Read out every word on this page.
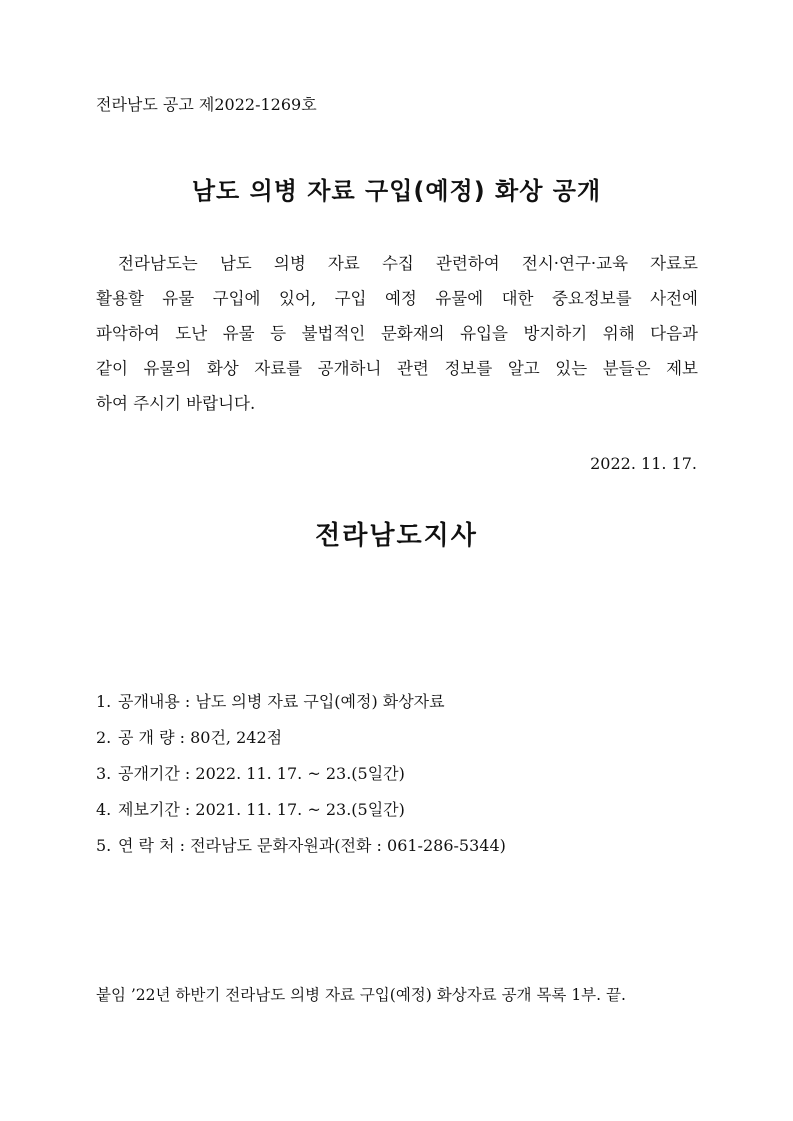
전라남도 공고 제2022-1269호
남도 의병 자료 구입(예정) 화상 공개
전라남도는 남도 의병 자료 수집 관련하여 전시·연구·교육 자료로
활용할 유물 구입에 있어, 구입 예정 유물에 대한 중요정보를 사전에
파악하여 도난 유물 등 불법적인 문화재의 유입을 방지하기 위해 다음과
같이 유물의 화상 자료를 공개하니 관련 정보를 알고 있는 분들은 제보
하여 주시기 바랍니다.
2022. 11. 17.
전라남도지사
1. 공개내용 : 남도 의병 자료 구입(예정) 화상자료
2. 공 개 량 : 80건, 242점
3. 공개기간 : 2022. 11. 17. ~ 23.(5일간)
4. 제보기간 : 2021. 11. 17. ~ 23.(5일간)
5. 연 락 처 : 전라남도 문화자원과(전화 : 061-286-5344)
붙임 ’22년 하반기 전라남도 의병 자료 구입(예정) 화상자료 공개 목록 1부. 끝.
